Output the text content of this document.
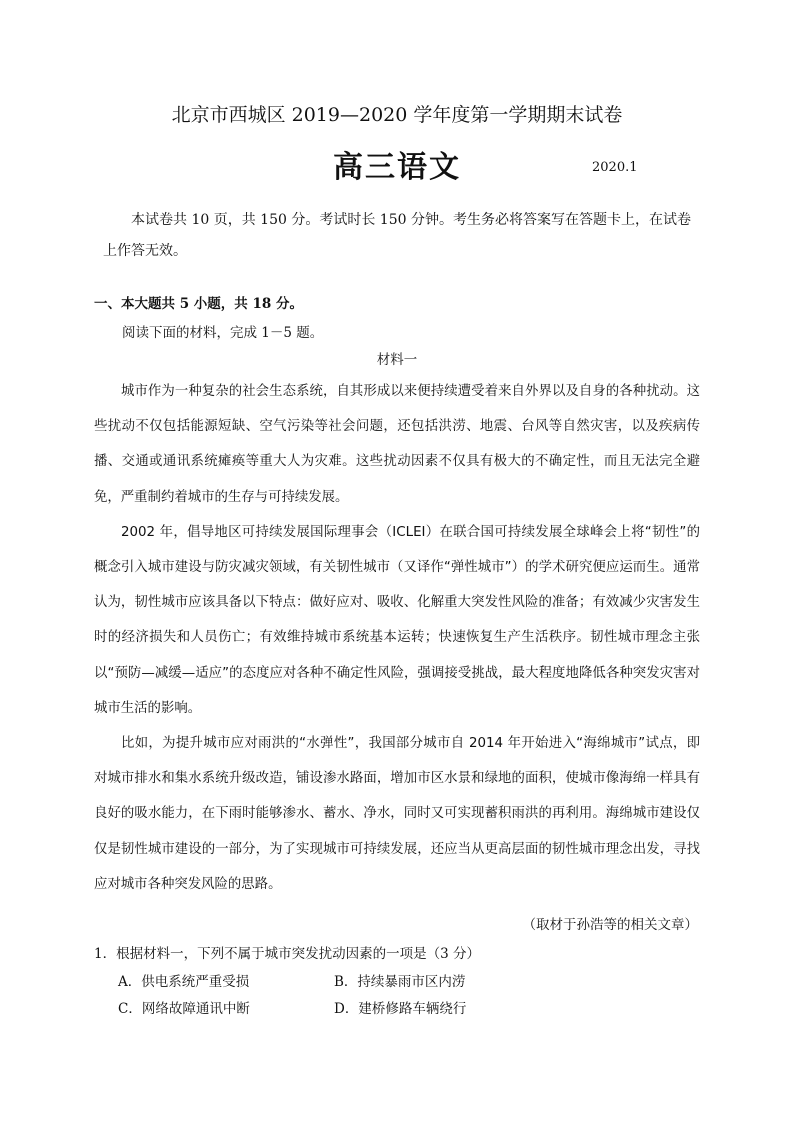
北京市西城区 2019—2020 学年度第一学期期末试卷
高三语文	2020.1
本试卷共 10 页，共 150 分。考试时长 150 分钟。考生务必将答案写在答题卡上，在试卷上作答无效。
一、本大题共 5 小题，共 18 分。
阅读下面的材料，完成 1－5 题。
材料一

城市作为一种复杂的社会生态系统，自其形成以来便持续遭受着来自外界以及自身的各种扰动。这些扰动不仅包括能源短缺、空气污染等社会问题，还包括洪涝、地震、台风等自然灾害，以及疾病传播、交通或通讯系统瘫痪等重大人为灾难。这些扰动因素不仅具有极大的不确定性，而且无法完全避免，严重制约着城市的生存与可持续发展。

2002 年，倡导地区可持续发展国际理事会（ICLEI）在联合国可持续发展全球峰会上将“韧性”的概念引入城市建设与防灾减灾领域，有关韧性城市（又译作“弹性城市”）的学术研究便应运而生。通常认为，韧性城市应该具备以下特点：做好应对、吸收、化解重大突发性风险的准备；有效减少灾害发生时的经济损失和人员伤亡；有效维持城市系统基本运转；快速恢复生产生活秩序。韧性城市理念主张以“预防—减缓—适应”的态度应对各种不确定性风险，强调接受挑战，最大程度地降低各种突发灾害对城市生活的影响。

比如，为提升城市应对雨洪的“水弹性”，我国部分城市自 2014 年开始进入“海绵城市”试点，即对城市排水和集水系统升级改造，铺设渗水路面，增加市区水景和绿地的面积，使城市像海绵一样具有良好的吸水能力，在下雨时能够渗水、蓄水、净水，同时又可实现蓄积雨洪的再利用。海绵城市建设仅仅是韧性城市建设的一部分，为了实现城市可持续发展，还应当从更高层面的韧性城市理念出发，寻找应对城市各种突发风险的思路。

（取材于孙浩等的相关文章）
1．根据材料一，下列不属于城市突发扰动因素的一项是（3 分）
A．供电系统严重受损	B．持续暴雨市区内涝
C．网络故障通讯中断	D．建桥修路车辆绕行
